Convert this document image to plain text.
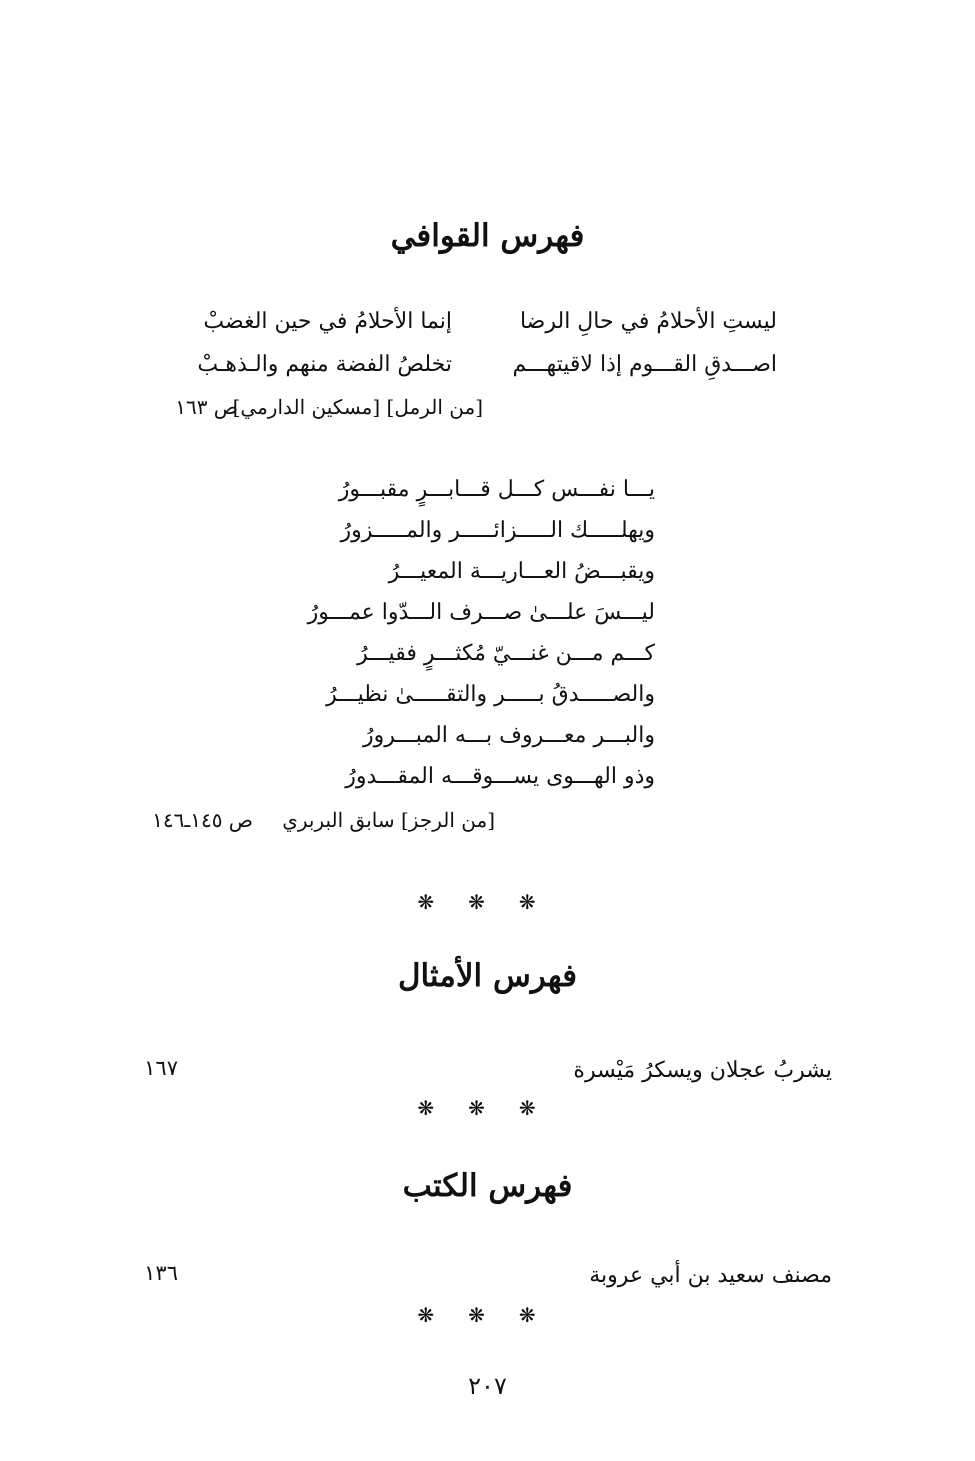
فهرس القوافي
ليستِ الأحلامُ في حالِ الرضا
إنما الأحلامُ في حين الغضبْ
اصـــدقِ القـــوم إذا لاقيتهـــم
تخلصُ الفضة منهم والـذهـبْ
[من الرمل] [مسكين الدارمي]
ص ١٦٣
يـــا نفـــس كـــل قـــابـــرٍ مقبـــورُ
ويهلـــــك الـــــزائـــــر والمـــــزورُ
ويقبـــضُ العـــاريـــة المعيـــرُ
ليـــسَ علـــىٰ صـــرف الـــدّوا عمـــورُ
كـــم مـــن غنـــيّ مُكثـــرٍ فقيـــرُ
والصـــــدقُ بـــــر والتقـــــىٰ نظيـــرُ
والبـــر معـــروف بـــه المبـــرورُ
وذو الهـــوى يســـوقـــه المقـــدورُ
[من الرجز] سابق البربري
ص ١٤٥ـ١٤٦
❋ ❋ ❋
فهرس الأمثال
يشربُ عجلان ويسكرُ مَيْسرة
١٦٧
❋ ❋ ❋
فهرس الكتب
مصنف سعيد بن أبي عروبة
١٣٦
❋ ❋ ❋
٢٠٧
